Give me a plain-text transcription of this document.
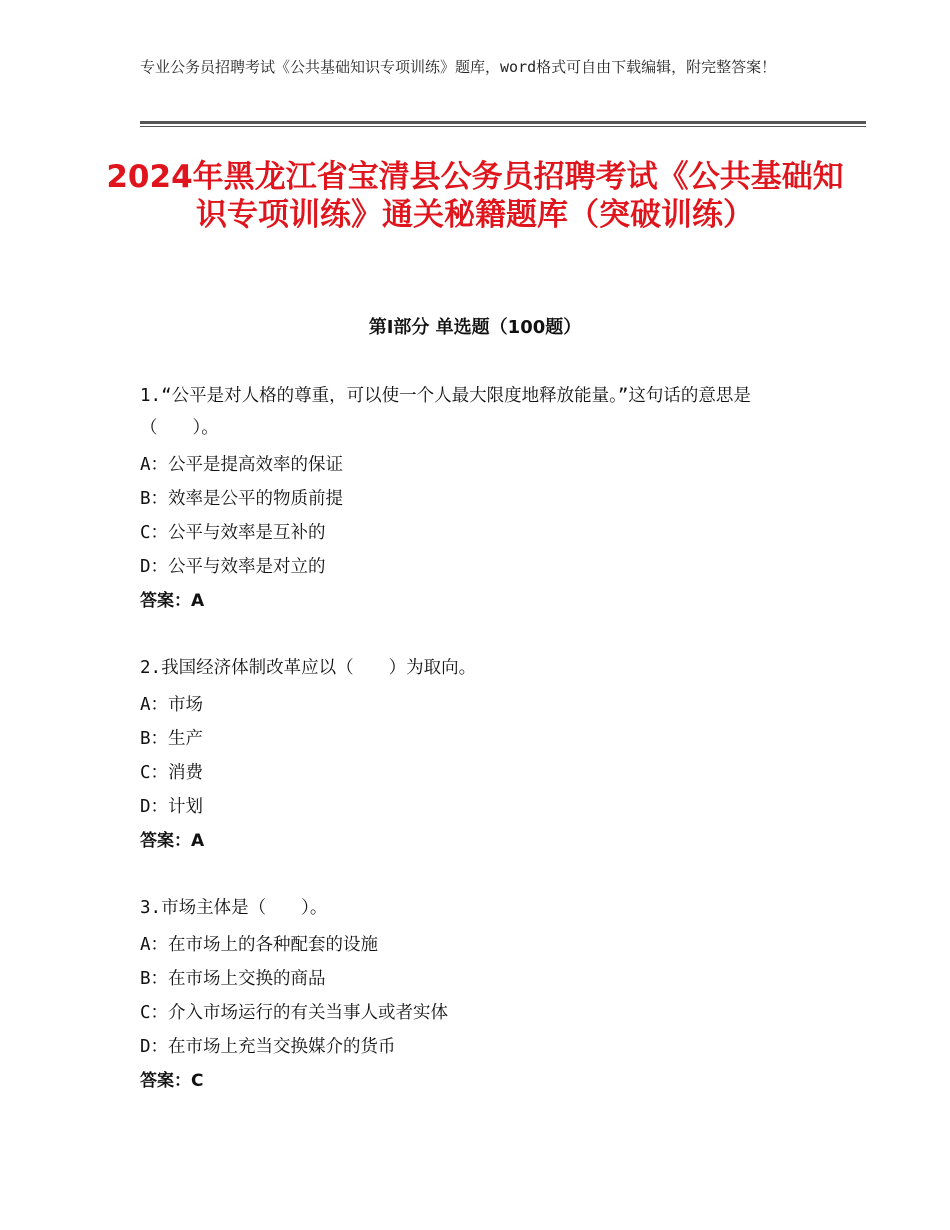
专业公务员招聘考试《公共基础知识专项训练》题库，word格式可自由下载编辑，附完整答案！
2024年黑龙江省宝清县公务员招聘考试《公共基础知识专项训练》通关秘籍题库（突破训练）
第I部分 单选题（100题）

1.“公平是对人格的尊重，可以使一个人最大限度地释放能量。”这句话的意思是（　　）。

A：公平是提高效率的保证

B：效率是公平的物质前提

C：公平与效率是互补的

D：公平与效率是对立的

答案：A

2.我国经济体制改革应以（　　）为取向。

A：市场

B：生产

C：消费

D：计划

答案：A

3.市场主体是（　　）。

A：在市场上的各种配套的设施

B：在市场上交换的商品

C：介入市场运行的有关当事人或者实体

D：在市场上充当交换媒介的货币

答案：C
